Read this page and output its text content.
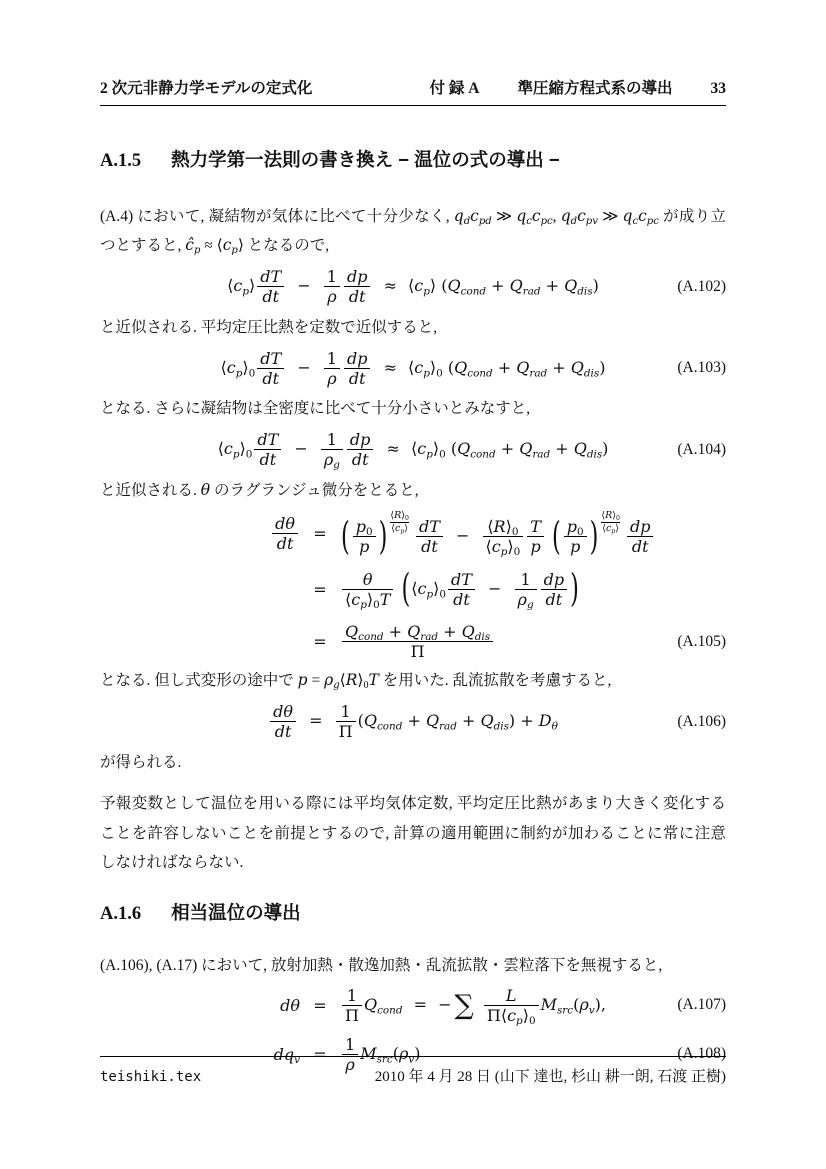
2 次元非静力学モデルの定式化	付 録 A 準圧縮方程式系の導出 33
A.1.5 熱力学第一法則の書き換え − 温位の式の導出 −

(A.4) において, 凝結物が気体に比べて十分少なく, $q_dc_{pd}$ ≫ $q_cc_{pc}$, $q_dc_{pv}$ ≫ $q_cc_{pc}$ が成り立つとすると, $ĉ_p$ ≈ $⟨c_p⟩$ となるので,

$⟨c_p⟩ \frac{dT}{dt} - \frac{1}{\rho} \frac{dp}{dt}$ ≈ $⟨c_p⟩$ $(Q_{cond} + Q_{rad} + Q_{dis})$	(A.102)

と近似される. 平均定圧比熱を定数で近似すると,

$⟨c_p⟩_0 \frac{dT}{dt} - \frac{1}{\rho} \frac{dp}{dt}$ ≈ $⟨c_p⟩_0$ $(Q_{cond} + Q_{rad} + Q_{dis})$	(A.103)

となる. さらに凝結物は全密度に比べて十分小さいとみなすと,

$⟨c_p⟩_0 \frac{dT}{dt} - \frac{1}{\rho_g} \frac{dp}{dt}$ ≈ $⟨c_p⟩_0$ $(Q_{cond} + Q_{rad} + Q_{dis})$	(A.104)

と近似される. θ のラグランジュ微分をとると,

$\frac{d\theta}{dt}$ = ( $\frac{p_0}{p}$ ) $\frac{⟨R⟩_0}{⟨c_p⟩}$
$\frac{dT}{dt} - \frac{⟨R⟩_0}{⟨c_p⟩_0} \frac{T}{p}$ ( $\frac{p_0}{p}$ ) $\frac{⟨R⟩_0}{⟨c_p⟩}$
$\frac{dp}{dt}$
= $\frac{\theta}{⟨c_p⟩_0T}$ ($⟨c_p⟩_0 \frac{dT}{dt} - \frac{1}{\rho_g} \frac{dp}{dt}$ )
= $\frac{Q_{cond} + Q_{rad} + Q_{dis}}{\Pi}$	(A.105)

となる. 但し式変形の途中で $p = \rho_g⟨R⟩_0T$ を用いた. 乱流拡散を考慮すると,

$\frac{d\theta}{dt} = \frac{1}{\Pi} (Q_{cond} + Q_{rad} + Q_{dis}) + D_\theta$	(A.106)

が得られる.

予報変数として温位を用いる際には平均気体定数, 平均定圧比熱があまり大きく変化することを許容しないことを前提とするので, 計算の適用範囲に制約が加わることに常に注意しなければならない.

A.1.6 相当温位の導出

(A.106), (A.17) において, 放射加熱・散逸加熱・乱流拡散・雲粒落下を無視すると,

$d\theta = \frac{1}{\Pi} Q_{cond}$ = − ∑ $\frac{L}{\Pi⟨c_p⟩_0} M_{src}(\rho_v)$,	(A.107)
$dq_v = \frac{1}{\rho} M_{src}(\rho_v)$	(A.108)
teishiki.tex	2010 年 4 月 28 日 (山下 達也, 杉山 耕一朗, 石渡 正樹)
